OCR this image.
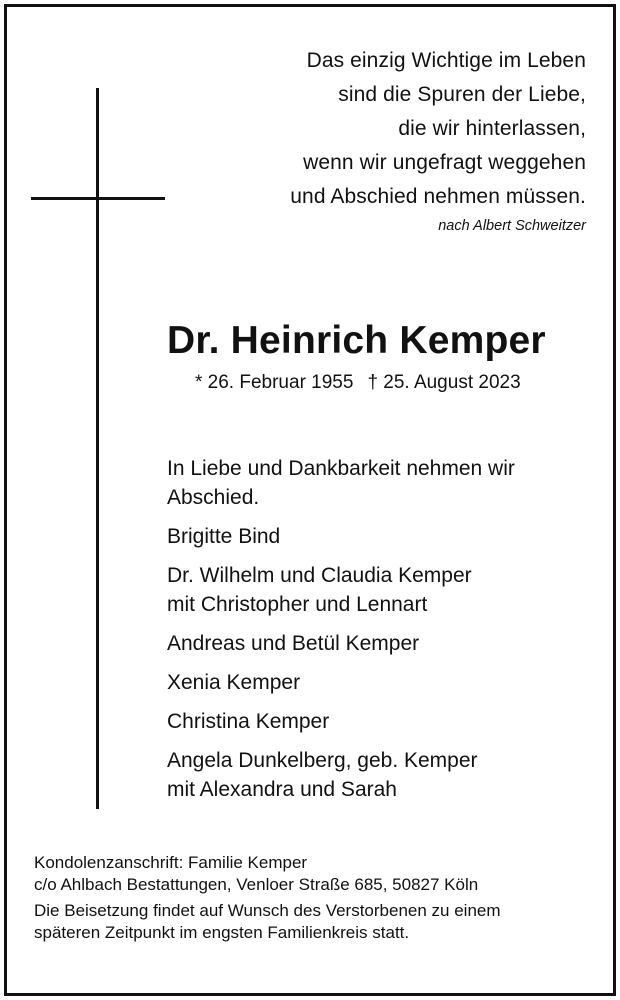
Das einzig Wichtige im Leben
sind die Spuren der Liebe,
die wir hinterlassen,
wenn wir ungefragt weggehen
und Abschied nehmen müssen.
nach Albert Schweitzer
Dr. Heinrich Kemper
* 26. Februar 1955 † 25. August 2023
In Liebe und Dankbarkeit nehmen wir
Abschied.
Brigitte Bind
Dr. Wilhelm und Claudia Kemper
mit Christopher und Lennart
Andreas und Betül Kemper
Xenia Kemper
Christina Kemper
Angela Dunkelberg, geb. Kemper
mit Alexandra und Sarah
Kondolenzanschrift: Familie Kemper
c/o Ahlbach Bestattungen, Venloer Straße 685, 50827 Köln
Die Beisetzung findet auf Wunsch des Verstorbenen zu einem
späteren Zeitpunkt im engsten Familienkreis statt.
